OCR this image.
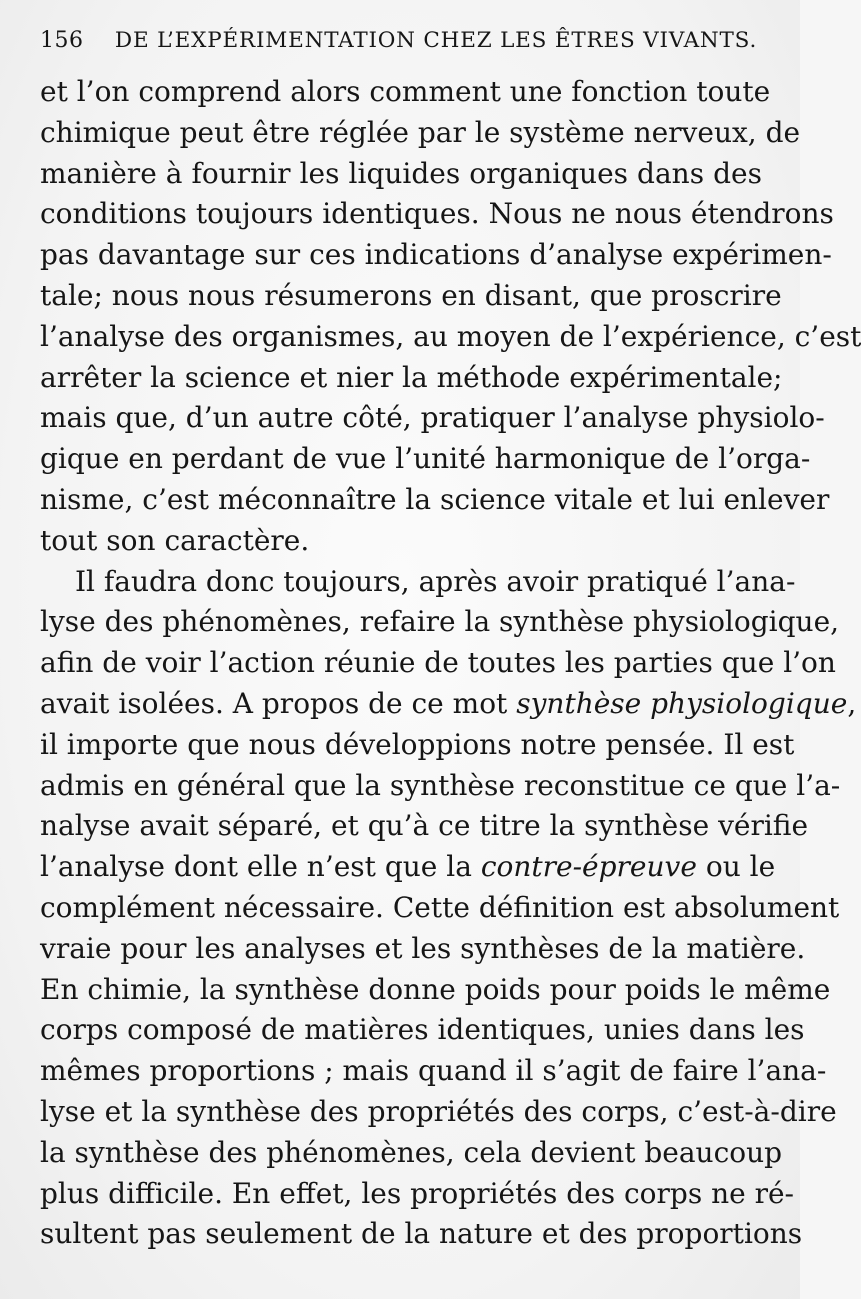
156	DE L’EXPÉRIMENTATION CHEZ LES ÊTRES VIVANTS.
et l’on comprend alors comment une fonction toute
chimique peut être réglée par le système nerveux, de
manière à fournir les liquides organiques dans des
conditions toujours identiques. Nous ne nous étendrons
pas davantage sur ces indications d’analyse expérimen-
tale; nous nous résumerons en disant, que proscrire
l’analyse des organismes, au moyen de l’expérience, c’est
arrêter la science et nier la méthode expérimentale;
mais que, d’un autre côté, pratiquer l’analyse physiolo-
gique en perdant de vue l’unité harmonique de l’orga-
nisme, c’est méconnaître la science vitale et lui enlever
tout son caractère.
Il faudra donc toujours, après avoir pratiqué l’ana-
lyse des phénomènes, refaire la synthèse physiologique,
afin de voir l’action réunie de toutes les parties que l’on
avait isolées. A propos de ce mot synthèse physiologique,
il importe que nous développions notre pensée. Il est
admis en général que la synthèse reconstitue ce que l’a-
nalyse avait séparé, et qu’à ce titre la synthèse vérifie
l’analyse dont elle n’est que la contre-épreuve ou le
complément nécessaire. Cette définition est absolument
vraie pour les analyses et les synthèses de la matière.
En chimie, la synthèse donne poids pour poids le même
corps composé de matières identiques, unies dans les
mêmes proportions ; mais quand il s’agit de faire l’ana-
lyse et la synthèse des propriétés des corps, c’est-à-dire
la synthèse des phénomènes, cela devient beaucoup
plus difficile. En effet, les propriétés des corps ne ré-
sultent pas seulement de la nature et des proportions
